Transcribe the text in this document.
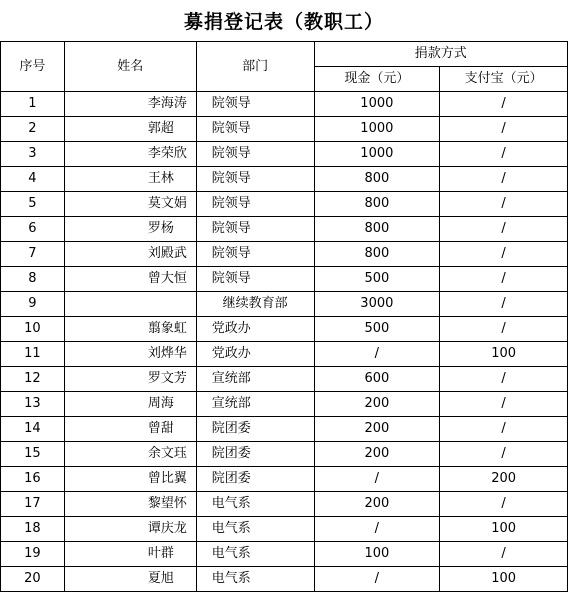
募捐登记表（教职工）
序号	姓名	部门	捐款方式	
			现金（元）	支付宝（元）
1	李海涛	院领导	1000	/
2	郭超	院领导	1000	/
3	李荣欣	院领导	1000	/
4	王林	院领导	800	/
5	莫文娟	院领导	800	/
6	罗杨	院领导	800	/
7	刘殿武	院领导	800	/
8	曾大恒	院领导	500	/
9		继续教育部	3000	/
10	翦象虹	党政办	500	/
11	刘烨华	党政办	/	100
12	罗文芳	宣统部	600	/
13	周海	宣统部	200	/
14	曾甜	院团委	200	/
15	余文珏	院团委	200	/
16	曾比翼	院团委	/	200
17	黎望怀	电气系	200	/
18	谭庆龙	电气系	/	100
19	叶群	电气系	100	/
20	夏旭	电气系	/	100
